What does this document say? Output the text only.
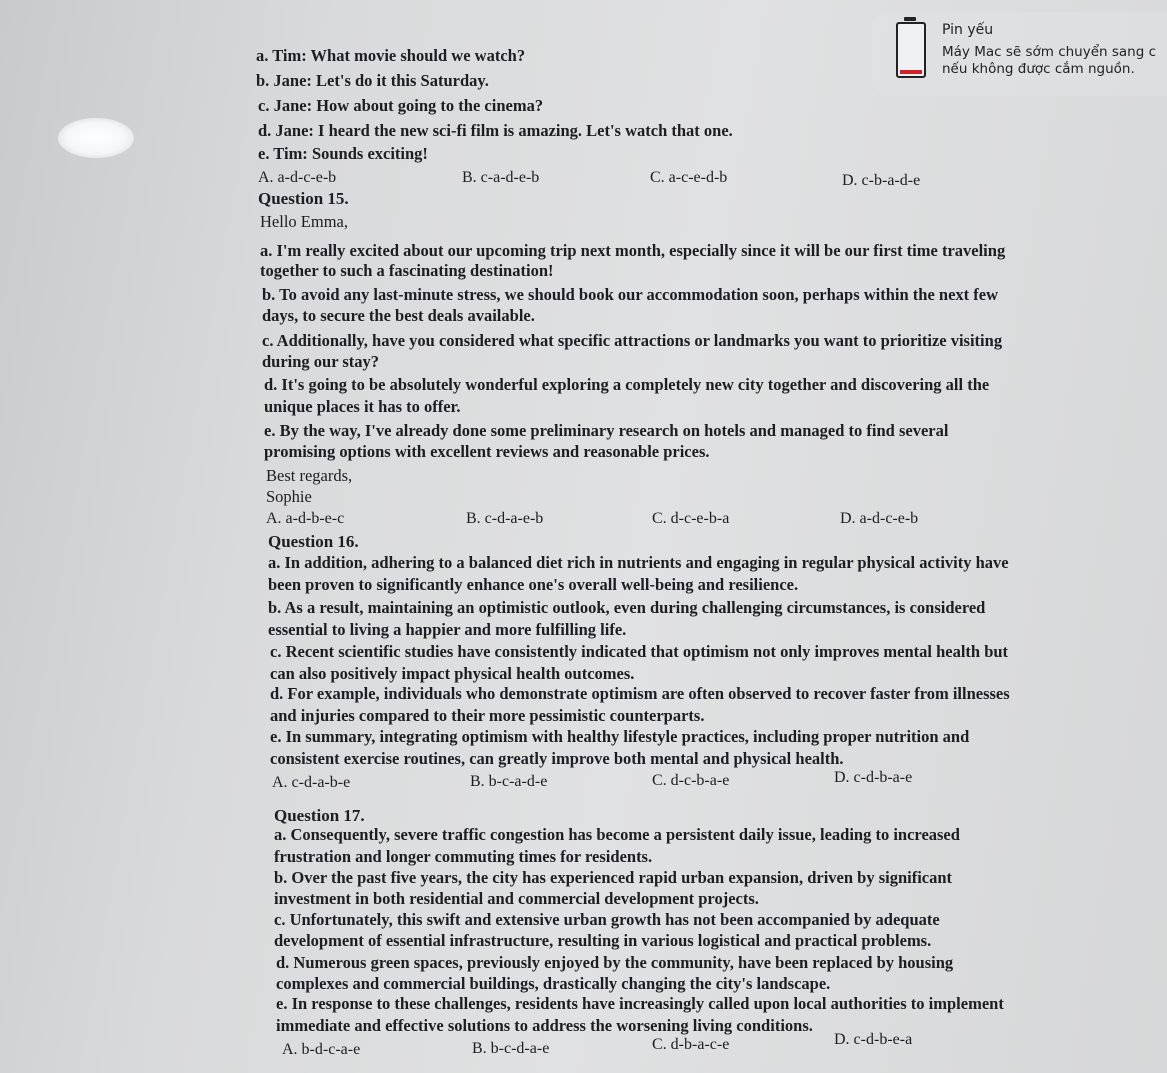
a. Tim: What movie should we watch?
b. Jane: Let's do it this Saturday.
c. Jane: How about going to the cinema?
d. Jane: I heard the new sci-fi film is amazing. Let's watch that one.
e. Tim: Sounds exciting!
A. a-d-c-e-b	B. c-a-d-e-b	C. a-c-e-d-b	D. c-b-a-d-e
Question 15.
Hello Emma,
a. I'm really excited about our upcoming trip next month, especially since it will be our first time traveling
together to such a fascinating destination!
b. To avoid any last-minute stress, we should book our accommodation soon, perhaps within the next few
days, to secure the best deals available.
c. Additionally, have you considered what specific attractions or landmarks you want to prioritize visiting
during our stay?
d. It's going to be absolutely wonderful exploring a completely new city together and discovering all the
unique places it has to offer.
e. By the way, I've already done some preliminary research on hotels and managed to find several
promising options with excellent reviews and reasonable prices.
Best regards,
Sophie
A. a-d-b-e-c	B. c-d-a-e-b	C. d-c-e-b-a	D. a-d-c-e-b
Question 16.
a. In addition, adhering to a balanced diet rich in nutrients and engaging in regular physical activity have
been proven to significantly enhance one's overall well-being and resilience.
b. As a result, maintaining an optimistic outlook, even during challenging circumstances, is considered
essential to living a happier and more fulfilling life.
c. Recent scientific studies have consistently indicated that optimism not only improves mental health but
can also positively impact physical health outcomes.
d. For example, individuals who demonstrate optimism are often observed to recover faster from illnesses
and injuries compared to their more pessimistic counterparts.
e. In summary, integrating optimism with healthy lifestyle practices, including proper nutrition and
consistent exercise routines, can greatly improve both mental and physical health.
A. c-d-a-b-e	B. b-c-a-d-e	C. d-c-b-a-e	D. c-d-b-a-e
Question 17.
a. Consequently, severe traffic congestion has become a persistent daily issue, leading to increased
frustration and longer commuting times for residents.
b. Over the past five years, the city has experienced rapid urban expansion, driven by significant
investment in both residential and commercial development projects.
c. Unfortunately, this swift and extensive urban growth has not been accompanied by adequate
development of essential infrastructure, resulting in various logistical and practical problems.
d. Numerous green spaces, previously enjoyed by the community, have been replaced by housing
complexes and commercial buildings, drastically changing the city's landscape.
e. In response to these challenges, residents have increasingly called upon local authorities to implement
immediate and effective solutions to address the worsening living conditions.
A. b-d-c-a-e	B. b-c-d-a-e	C. d-b-a-c-e	D. c-d-b-e-a
Pin yếu
Máy Mac sẽ sớm chuyển sang c
nếu không được cắm nguồn.
